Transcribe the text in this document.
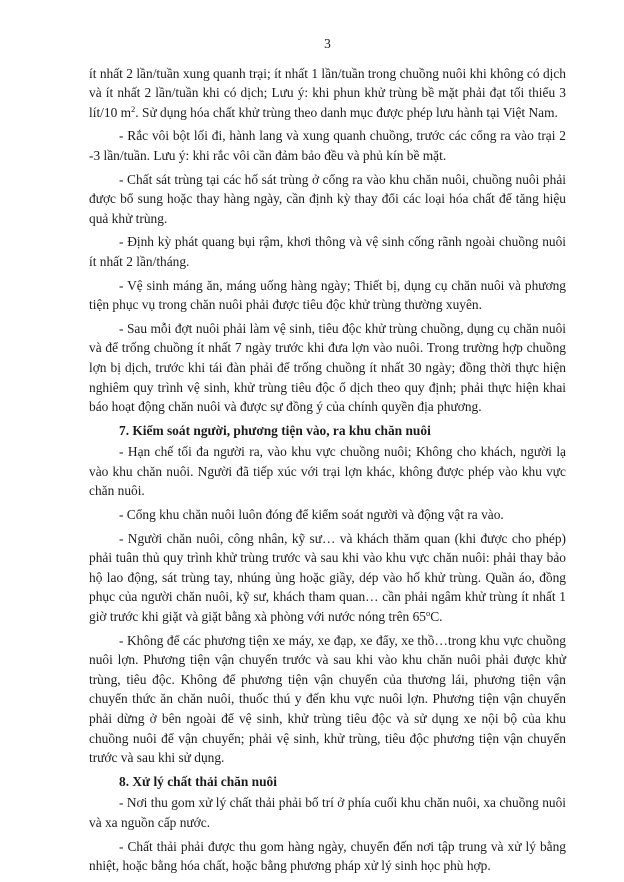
3

ít nhất 2 lần/tuần xung quanh trại; ít nhất 1 lần/tuần trong chuồng nuôi khi không có dịch và ít nhất 2 lần/tuần khi có dịch; Lưu ý: khi phun khử trùng bề mặt phải đạt tối thiểu 3 lít/10 $m^2$. Sử dụng hóa chất khử trùng theo danh mục được phép lưu hành tại Việt Nam.

- Rắc vôi bột lối đi, hành lang và xung quanh chuồng, trước các cổng ra vào trại 2 -3 lần/tuần. Lưu ý: khi rắc vôi cần đảm bảo đều và phủ kín bề mặt.

- Chất sát trùng tại các hố sát trùng ở cổng ra vào khu chăn nuôi, chuồng nuôi phải được bổ sung hoặc thay hàng ngày, cần định kỳ thay đổi các loại hóa chất để tăng hiệu quả khử trùng.

- Định kỳ phát quang bụi rậm, khơi thông và vệ sinh cống rãnh ngoài chuồng nuôi ít nhất 2 lần/tháng.

- Vệ sinh máng ăn, máng uống hàng ngày; Thiết bị, dụng cụ chăn nuôi và phương tiện phục vụ trong chăn nuôi phải được tiêu độc khử trùng thường xuyên.

- Sau mỗi đợt nuôi phải làm vệ sinh, tiêu độc khử trùng chuồng, dụng cụ chăn nuôi và để trống chuồng ít nhất 7 ngày trước khi đưa lợn vào nuôi. Trong trường hợp chuồng lợn bị dịch, trước khi tái đàn phải để trống chuồng ít nhất 30 ngày; đồng thời thực hiện nghiêm quy trình vệ sinh, khử trùng tiêu độc ổ dịch theo quy định; phải thực hiện khai báo hoạt động chăn nuôi và được sự đồng ý của chính quyền địa phương.

7. Kiểm soát người, phương tiện vào, ra khu chăn nuôi

- Hạn chế tối đa người ra, vào khu vực chuồng nuôi; Không cho khách, người lạ vào khu chăn nuôi. Người đã tiếp xúc với trại lợn khác, không được phép vào khu vực chăn nuôi.

- Cổng khu chăn nuôi luôn đóng để kiểm soát người và động vật ra vào.

- Người chăn nuôi, công nhân, kỹ sư… và khách thăm quan (khi được cho phép) phải tuân thủ quy trình khử trùng trước và sau khi vào khu vực chăn nuôi: phải thay bảo hộ lao động, sát trùng tay, nhúng ủng hoặc giầy, dép vào hố khử trùng. Quần áo, đồng phục của người chăn nuôi, kỹ sư, khách tham quan… cần phải ngâm khử trùng ít nhất 1 giờ trước khi giặt và giặt bằng xà phòng với nước nóng trên 65$^o$C.

- Không để các phương tiện xe máy, xe đạp, xe đẩy, xe thồ…trong khu vực chuồng nuôi lợn. Phương tiện vận chuyển trước và sau khi vào khu chăn nuôi phải được khử trùng, tiêu độc. Không để phương tiện vận chuyển của thương lái, phương tiện vận chuyển thức ăn chăn nuôi, thuốc thú y đến khu vực nuôi lợn. Phương tiện vận chuyển phải dừng ở bên ngoài để vệ sinh, khử trùng tiêu độc và sử dụng xe nội bộ của khu chuồng nuôi để vận chuyển; phải vệ sinh, khử trùng, tiêu độc phương tiện vận chuyển trước và sau khi sử dụng.

8. Xử lý chất thải chăn nuôi

- Nơi thu gom xử lý chất thải phải bố trí ở phía cuối khu chăn nuôi, xa chuồng nuôi và xa nguồn cấp nước.

- Chất thải phải được thu gom hàng ngày, chuyển đến nơi tập trung và xử lý bằng nhiệt, hoặc bằng hóa chất, hoặc bằng phương pháp xử lý sinh học phù hợp.
